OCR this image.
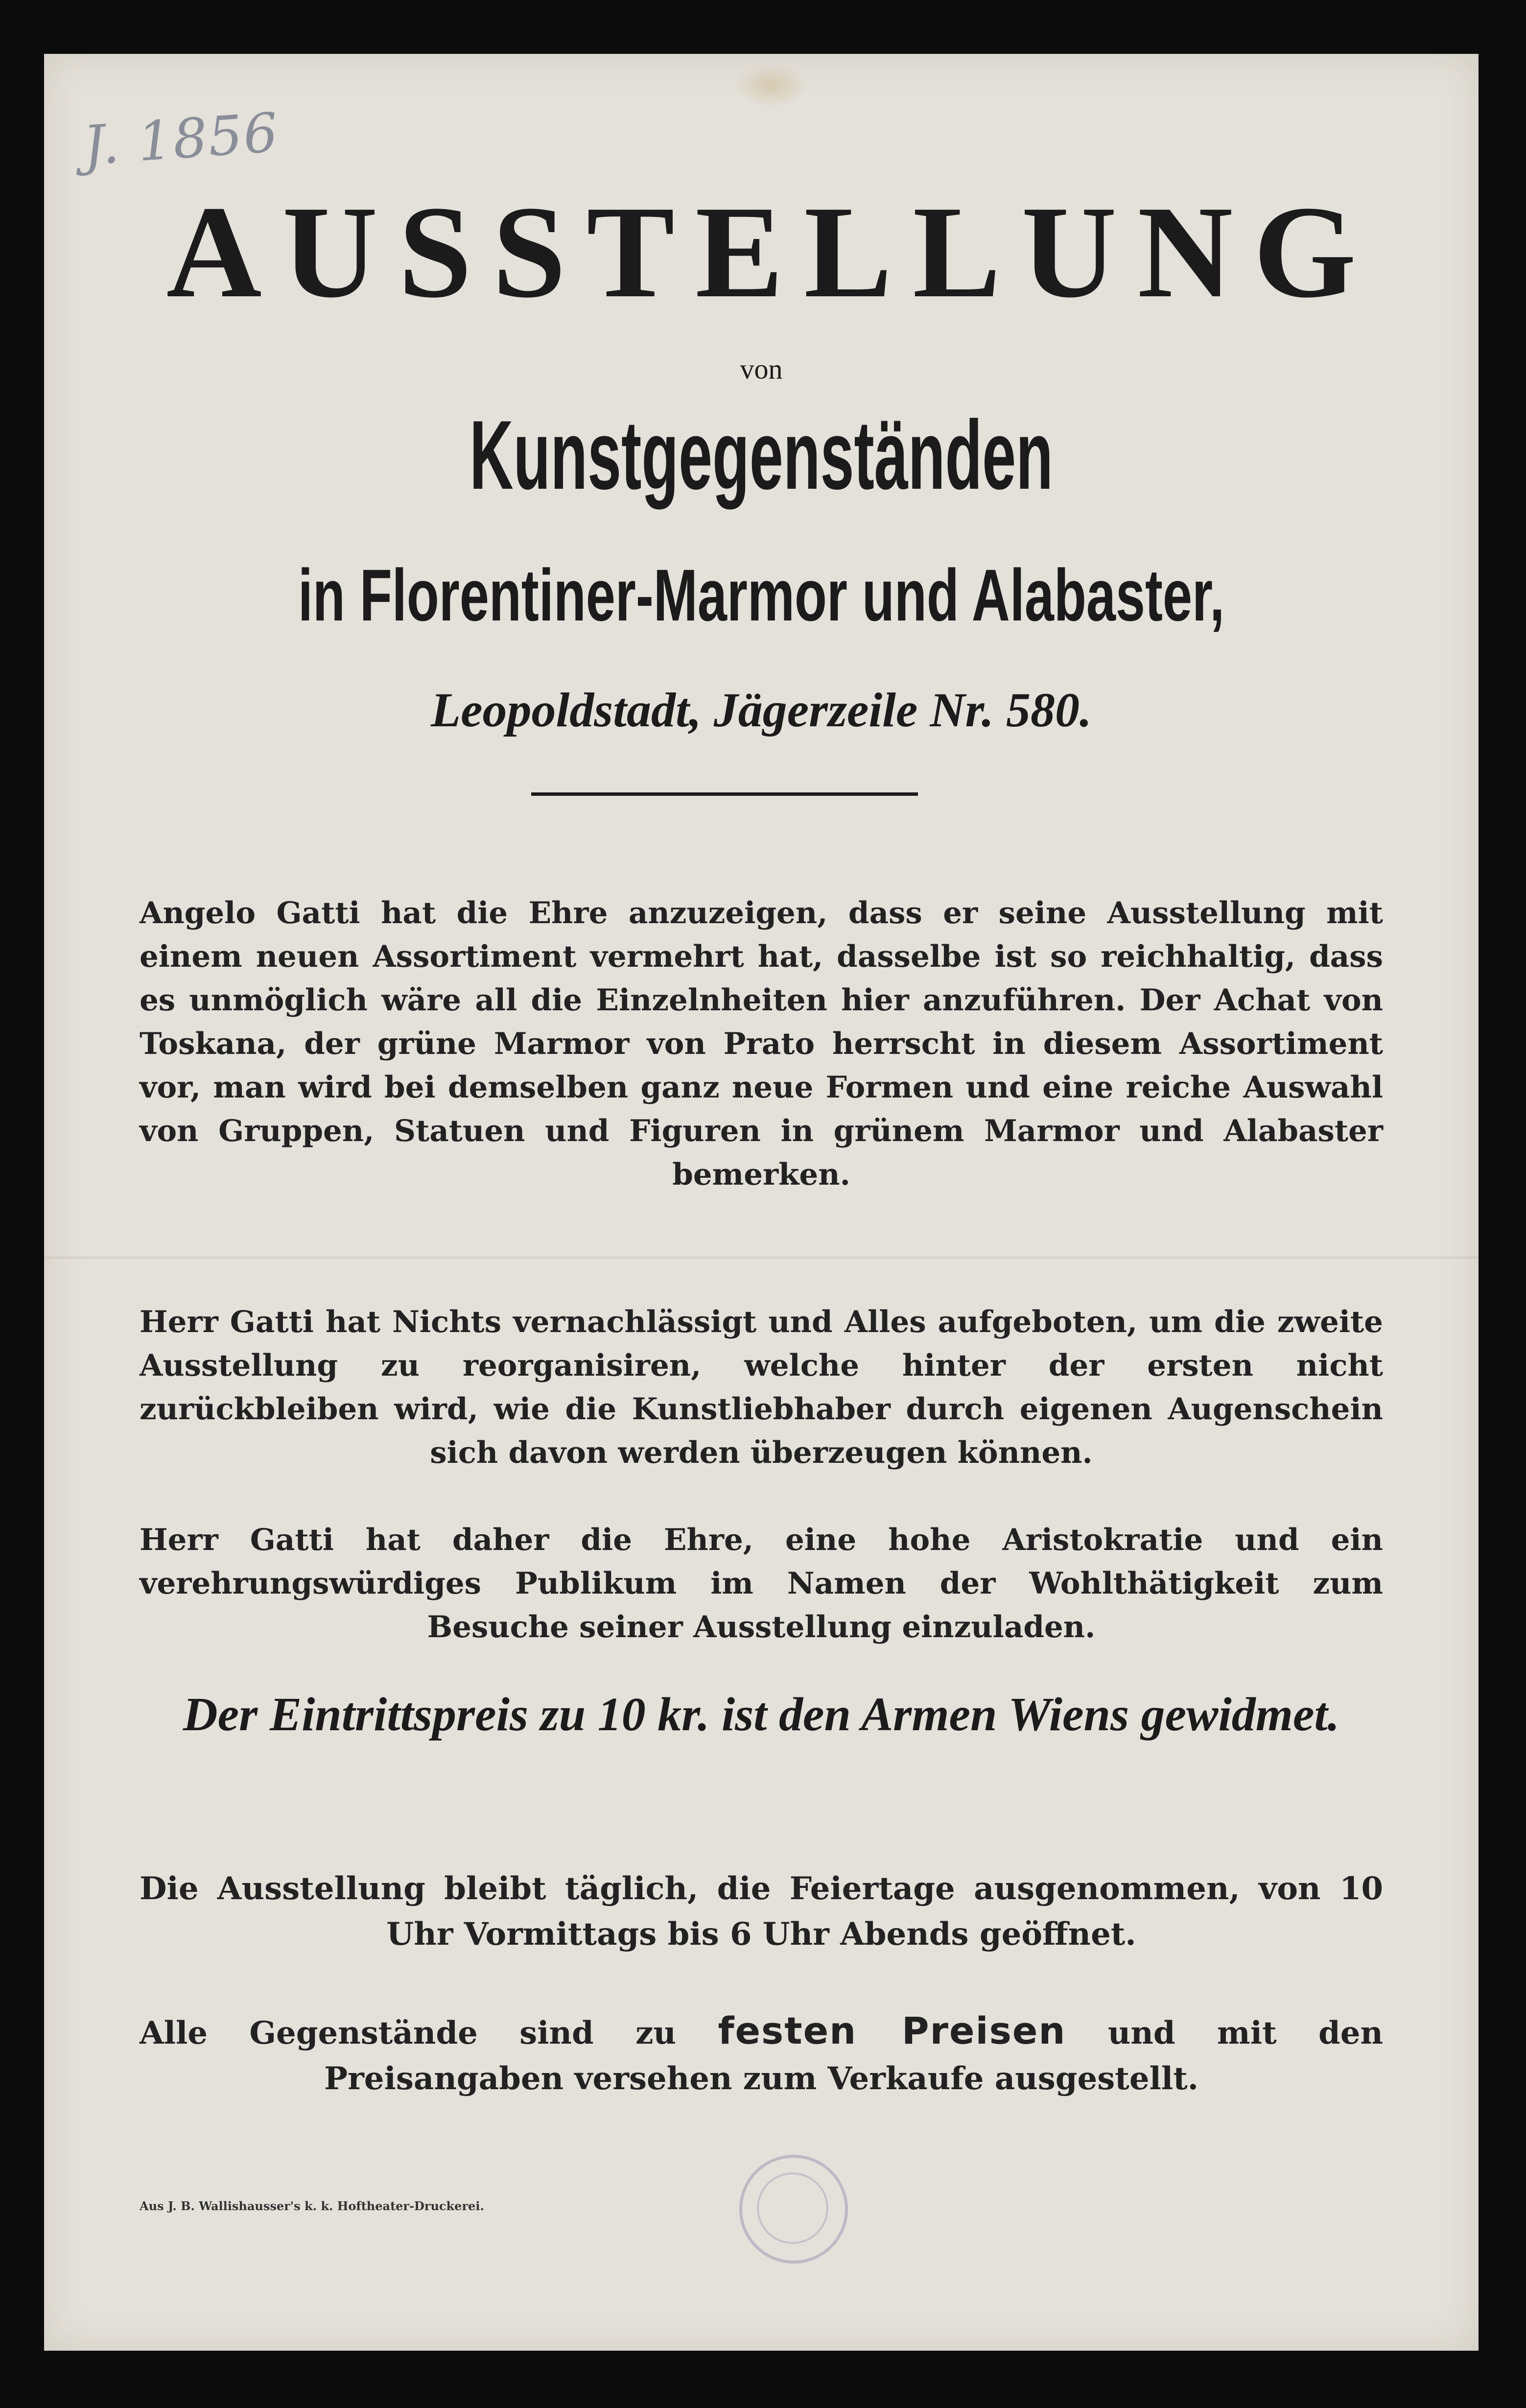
J. 1856
AUSSTELLUNG
von
Kunstgegenständen
in Florentiner-Marmor und Alabaster,
Leopoldstadt, Jägerzeile Nr. 580.
Angelo Gatti hat die Ehre anzuzeigen, dass er seine Ausstellung mit einem neuen Assortiment vermehrt hat, dasselbe ist so reichhaltig, dass es unmöglich wäre all die Einzelnheiten hier anzuführen. Der Achat von Toskana, der grüne Marmor von Prato herrscht in diesem Assortiment vor, man wird bei demselben ganz neue Formen und eine reiche Auswahl von Gruppen, Statuen und Figuren in grünem Marmor und Alabaster bemerken.
Herr Gatti hat Nichts vernachlässigt und Alles aufgeboten, um die zweite Ausstellung zu reorganisiren, welche hinter der ersten nicht zurückbleiben wird, wie die Kunstliebhaber durch eigenen Augenschein sich davon werden überzeugen können.
Herr Gatti hat daher die Ehre, eine hohe Aristokratie und ein verehrungswürdiges Publikum im Namen der Wohlthätigkeit zum Besuche seiner Ausstellung einzuladen.
Der Eintrittspreis zu 10 kr. ist den Armen Wiens gewidmet.
Die Ausstellung bleibt täglich, die Feiertage ausgenommen, von 10 Uhr Vormittags bis 6 Uhr Abends geöffnet.
Alle Gegenstände sind zu festen Preisen und mit den Preisangaben versehen zum Verkaufe ausgestellt.
Aus J. B. Wallishausser's k. k. Hoftheater-Druckerei.
